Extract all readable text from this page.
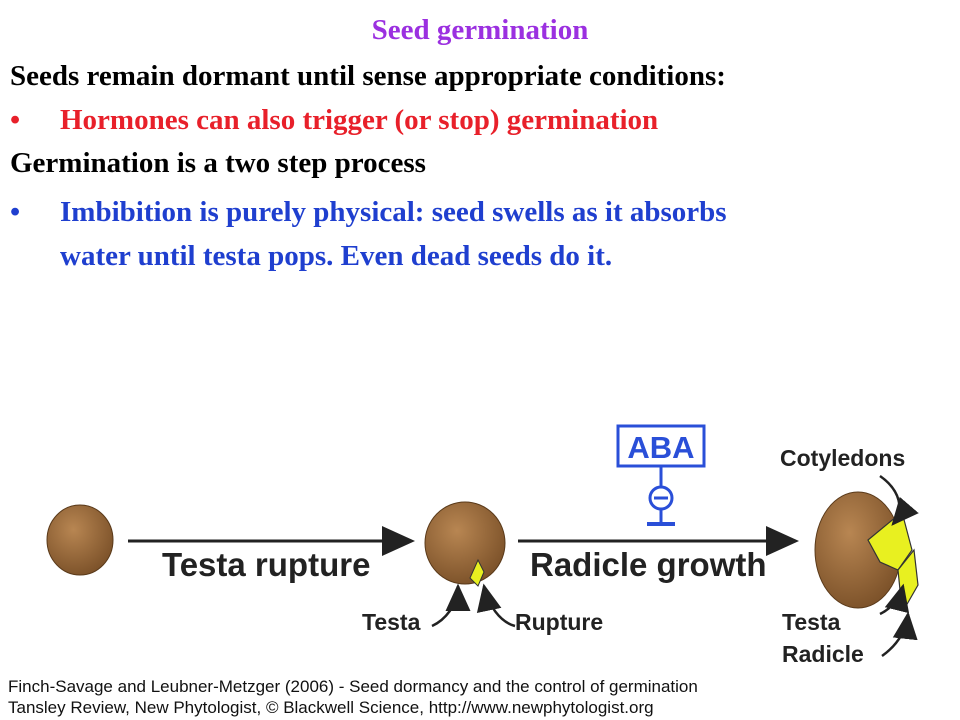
Seed germination
Seeds remain dormant until sense appropriate conditions:
• Hormones can also trigger (or stop) germination
Germination is a two step process
• Imbibition is purely physical: seed swells as it absorbs
water until testa pops. Even dead seeds do it.
ABA
Testa rupture	Radicle growth
Testa	Rupture
Cotyledons
Testa
Radicle
Finch-Savage and Leubner-Metzger (2006) - Seed dormancy and the control of germination
Tansley Review, New Phytologist, © Blackwell Science, http://www.newphytologist.org
